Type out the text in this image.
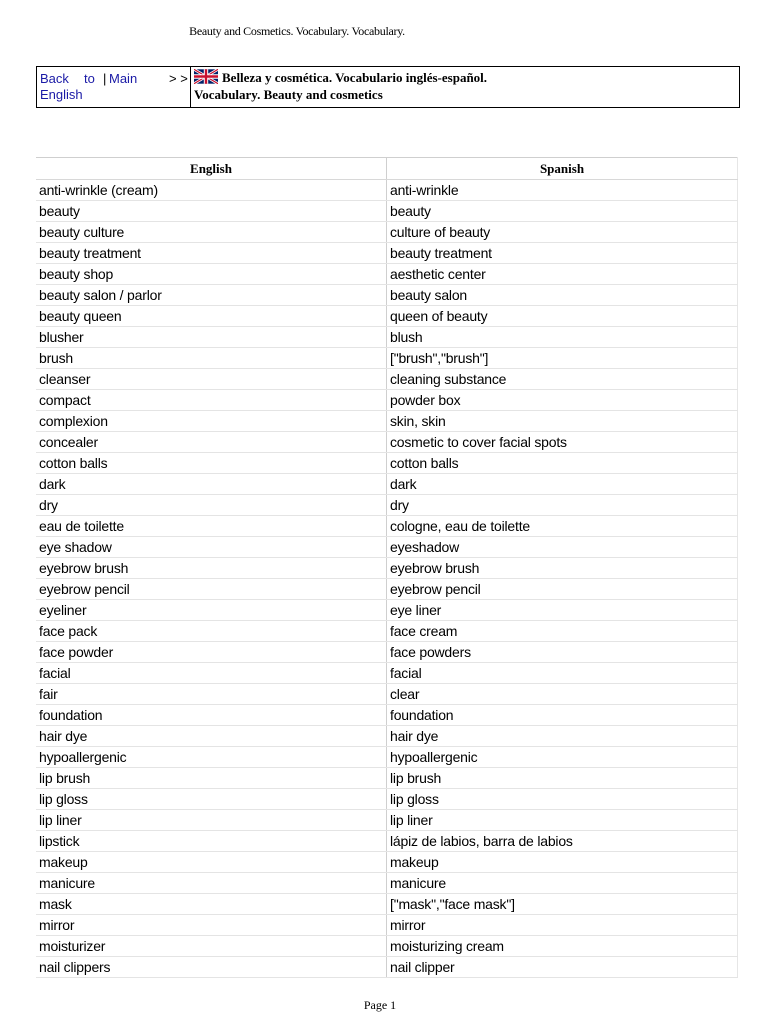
Beauty and Cosmetics. Vocabulary. Vocabulary.
Back to | Main
English
> >	Belleza y cosmética. Vocabulario inglés-español.
Vocabulary. Beauty and cosmetics
English	Spanish
anti-wrinkle (cream)	anti-wrinkle
beauty	beauty
beauty culture	culture of beauty
beauty treatment	beauty treatment
beauty shop	aesthetic center
beauty salon / parlor	beauty salon
beauty queen	queen of beauty
blusher	blush
brush	["brush","brush"]
cleanser	cleaning substance
compact	powder box
complexion	skin, skin
concealer	cosmetic to cover facial spots
cotton balls	cotton balls
dark	dark
dry	dry
eau de toilette	cologne, eau de toilette
eye shadow	eyeshadow
eyebrow brush	eyebrow brush
eyebrow pencil	eyebrow pencil
eyeliner	eye liner
face pack	face cream
face powder	face powders
facial	facial
fair	clear
foundation	foundation
hair dye	hair dye
hypoallergenic	hypoallergenic
lip brush	lip brush
lip gloss	lip gloss
lip liner	lip liner
lipstick	lápiz de labios, barra de labios
makeup	makeup
manicure	manicure
mask	["mask","face mask"]
mirror	mirror
moisturizer	moisturizing cream
nail clippers	nail clipper
Page 1
